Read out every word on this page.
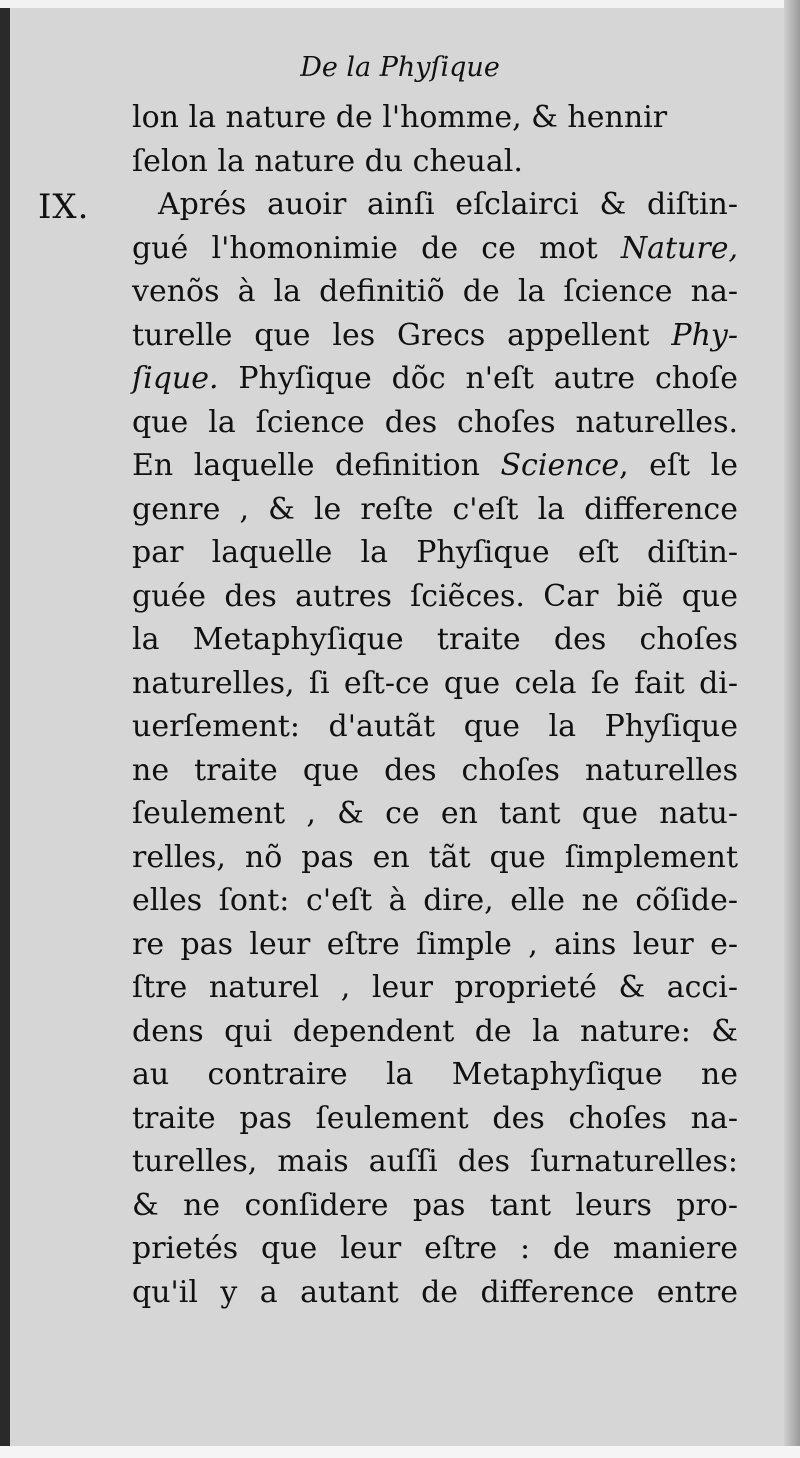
De la Phyſique
IX.
lon la nature de l'homme, & hennir
ſelon la nature du cheual.
Aprés auoir ainſi eſclairci & diſtin-
gué l'homonimie de ce mot Nature,
venõs à la definitiõ de la ſcience na-
turelle que les Grecs appellent Phy-
ſique. Phyſique dõc n'eſt autre choſe
que la ſcience des choſes naturelles.
En laquelle definition Science, eſt le
genre , & le reſte c'eſt la difference
par laquelle la Phyſique eſt diſtin-
guée des autres ſciẽces. Car biẽ que
la Metaphyſique traite des choſes
naturelles, ſi eſt-ce que cela ſe fait di-
uerſement: d'autãt que la Phyſique
ne traite que des choſes naturelles
ſeulement , & ce en tant que natu-
relles, nõ pas en tãt que ſimplement
elles ſont: c'eſt à dire, elle ne cõſide-
re pas leur eſtre ſimple , ains leur e-
ſtre naturel , leur proprieté & acci-
dens qui dependent de la nature: &
au contraire la Metaphyſique ne
traite pas ſeulement des choſes na-
turelles, mais auſſi des ſurnaturelles:
& ne conſidere pas tant leurs pro-
prietés que leur eſtre : de maniere
qu'il y a autant de difference entre
